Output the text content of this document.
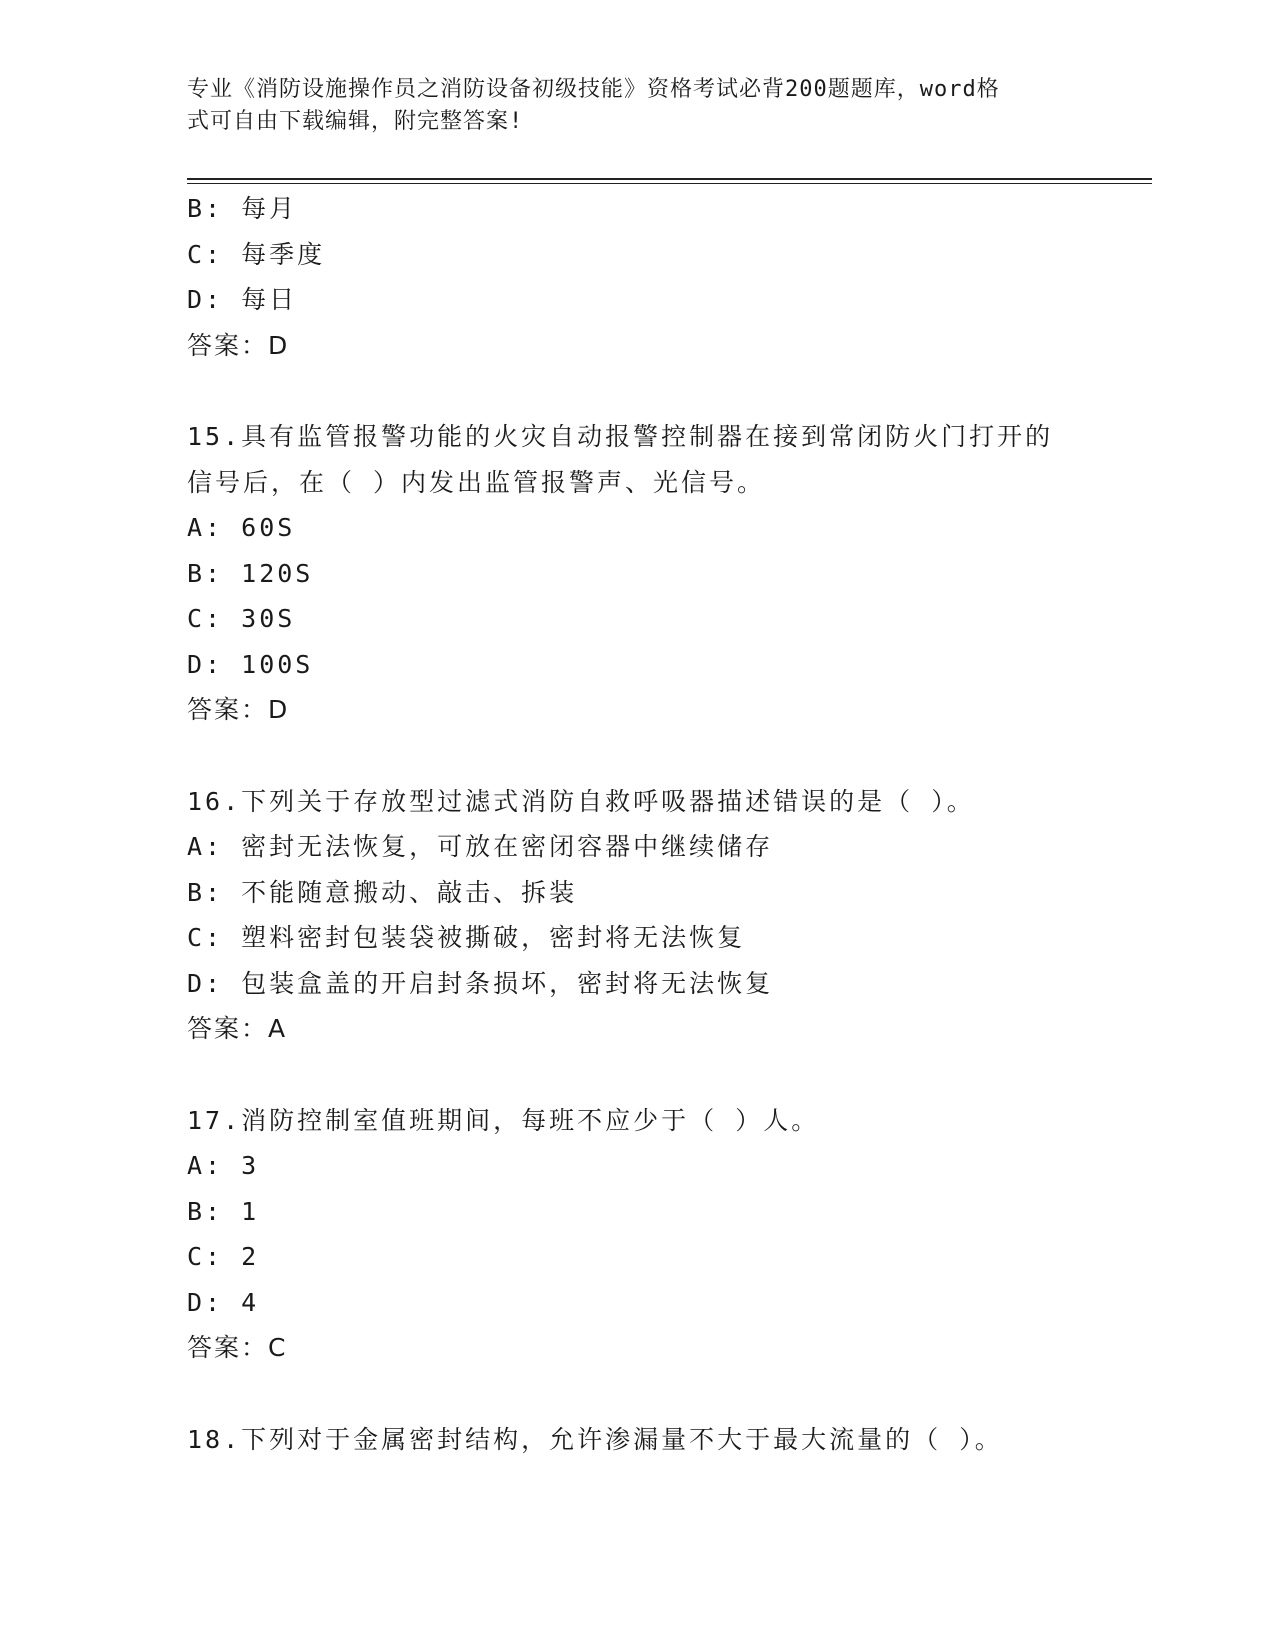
专业《消防设施操作员之消防设备初级技能》资格考试必背200题题库，word格
式可自由下载编辑，附完整答案!
B: 每月
C: 每季度
D: 每日
答案：D
15.具有监管报警功能的火灾自动报警控制器在接到常闭防火门打开的
信号后，在（ ）内发出监管报警声、光信号。
A: 60S
B: 120S
C: 30S
D: 100S
答案：D
16.下列关于存放型过滤式消防自救呼吸器描述错误的是（ ）。
A: 密封无法恢复，可放在密闭容器中继续储存
B: 不能随意搬动、敲击、拆装
C: 塑料密封包装袋被撕破，密封将无法恢复
D: 包装盒盖的开启封条损坏，密封将无法恢复
答案：A
17.消防控制室值班期间，每班不应少于（ ）人。
A: 3
B: 1
C: 2
D: 4
答案：C
18.下列对于金属密封结构，允许渗漏量不大于最大流量的（ ）。
